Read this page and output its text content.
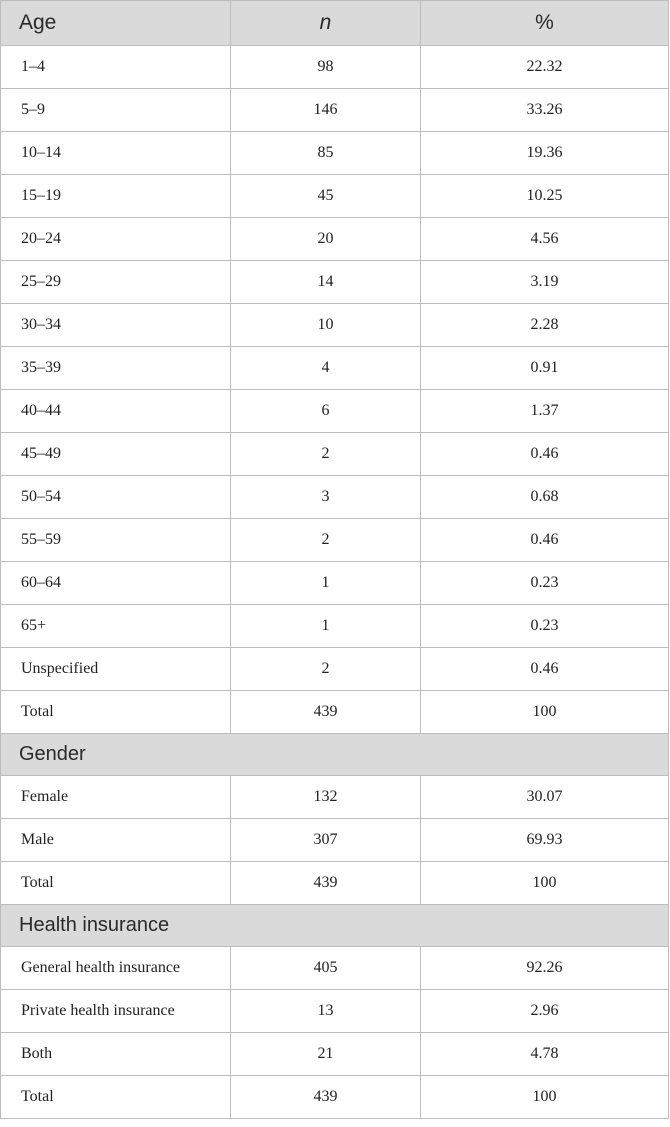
Age	n	%
1–4	98	22.32
5–9	146	33.26
10–14	85	19.36
15–19	45	10.25
20–24	20	4.56
25–29	14	3.19
30–34	10	2.28
35–39	4	0.91
40–44	6	1.37
45–49	2	0.46
50–54	3	0.68
55–59	2	0.46
60–64	1	0.23
65+	1	0.23
Unspecified	2	0.46
Total	439	100
Gender		
Female	132	30.07
Male	307	69.93
Total	439	100
Health insurance		
General health insurance	405	92.26
Private health insurance	13	2.96
Both	21	4.78
Total	439	100
